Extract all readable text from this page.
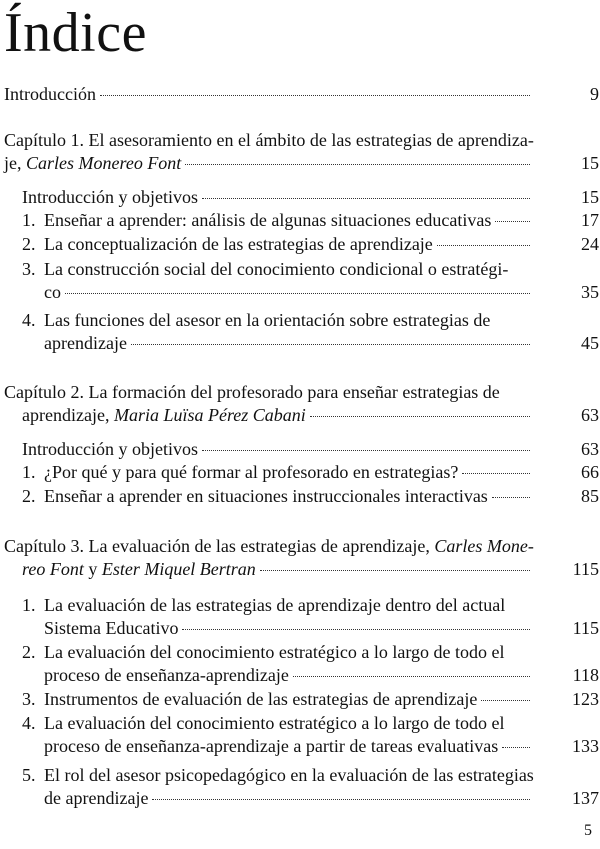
Índice
Introducción	9
Capítulo 1. El asesoramiento en el ámbito de las estrategias de aprendiza-
je, Carles Monereo Font	15
Introducción y objetivos	15
1. Enseñar a aprender: análisis de algunas situaciones educativas	17
2. La conceptualización de las estrategias de aprendizaje	24
3. La construcción social del conocimiento condicional o estratégi-
co	35
4. Las funciones del asesor en la orientación sobre estrategias de
aprendizaje	45
Capítulo 2. La formación del profesorado para enseñar estrategias de
aprendizaje, Maria Luïsa Pérez Cabani	63
Introducción y objetivos	63
1. ¿Por qué y para qué formar al profesorado en estrategias?	66
2. Enseñar a aprender en situaciones instruccionales interactivas	85
Capítulo 3. La evaluación de las estrategias de aprendizaje, Carles Mone-
reo Font y Ester Miquel Bertran	115
1. La evaluación de las estrategias de aprendizaje dentro del actual
Sistema Educativo	115
2. La evaluación del conocimiento estratégico a lo largo de todo el
proceso de enseñanza-aprendizaje	118
3. Instrumentos de evaluación de las estrategias de aprendizaje	123
4. La evaluación del conocimiento estratégico a lo largo de todo el
proceso de enseñanza-aprendizaje a partir de tareas evaluativas	133
5. El rol del asesor psicopedagógico en la evaluación de las estrategias
de aprendizaje	137
5
